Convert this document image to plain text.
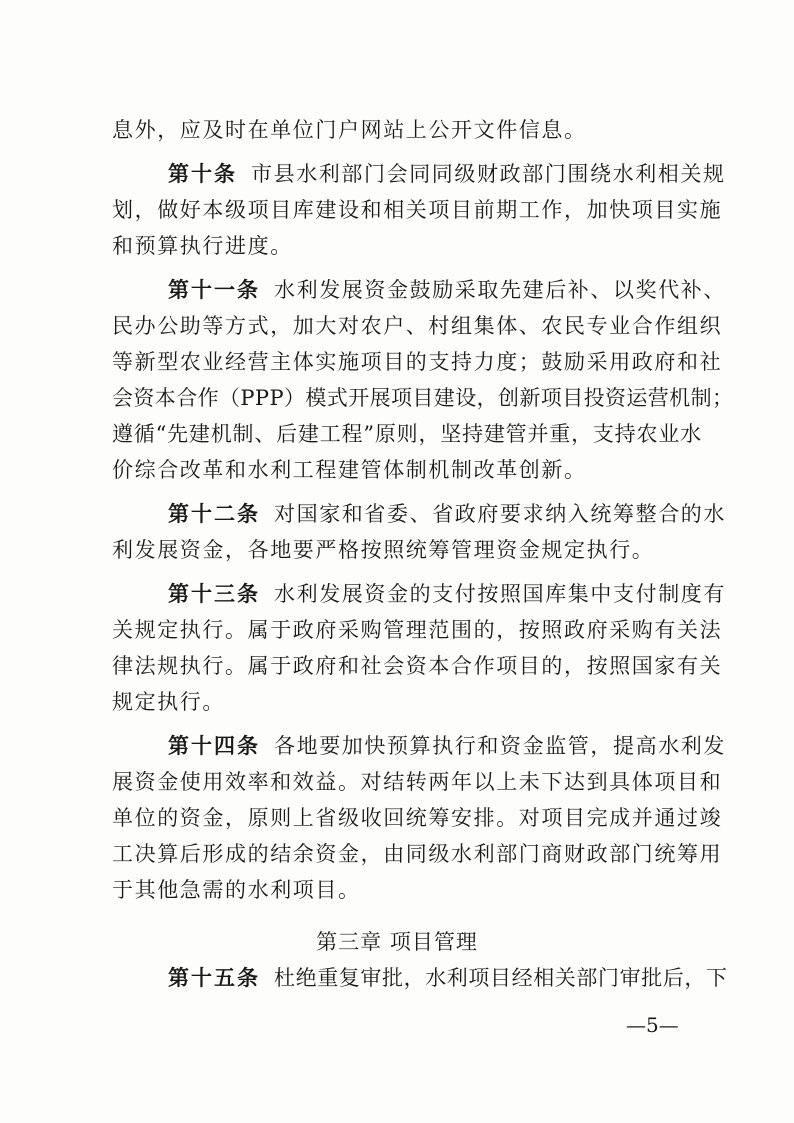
息外，应及时在单位门户网站上公开文件信息。
第十条 市县水利部门会同同级财政部门围绕水利相关规
划，做好本级项目库建设和相关项目前期工作，加快项目实施
和预算执行进度。
第十一条 水利发展资金鼓励采取先建后补、以奖代补、
民办公助等方式，加大对农户、村组集体、农民专业合作组织
等新型农业经营主体实施项目的支持力度；鼓励采用政府和社
会资本合作（PPP）模式开展项目建设，创新项目投资运营机制；
遵循“先建机制、后建工程”原则，坚持建管并重，支持农业水
价综合改革和水利工程建管体制机制改革创新。
第十二条 对国家和省委、省政府要求纳入统筹整合的水
利发展资金，各地要严格按照统筹管理资金规定执行。
第十三条 水利发展资金的支付按照国库集中支付制度有
关规定执行。属于政府采购管理范围的，按照政府采购有关法
律法规执行。属于政府和社会资本合作项目的，按照国家有关
规定执行。
第十四条 各地要加快预算执行和资金监管，提高水利发
展资金使用效率和效益。对结转两年以上未下达到具体项目和
单位的资金，原则上省级收回统筹安排。对项目完成并通过竣
工决算后形成的结余资金，由同级水利部门商财政部门统筹用
于其他急需的水利项目。
第十五条 杜绝重复审批，水利项目经相关部门审批后，下
第三章 项目管理
—5—
